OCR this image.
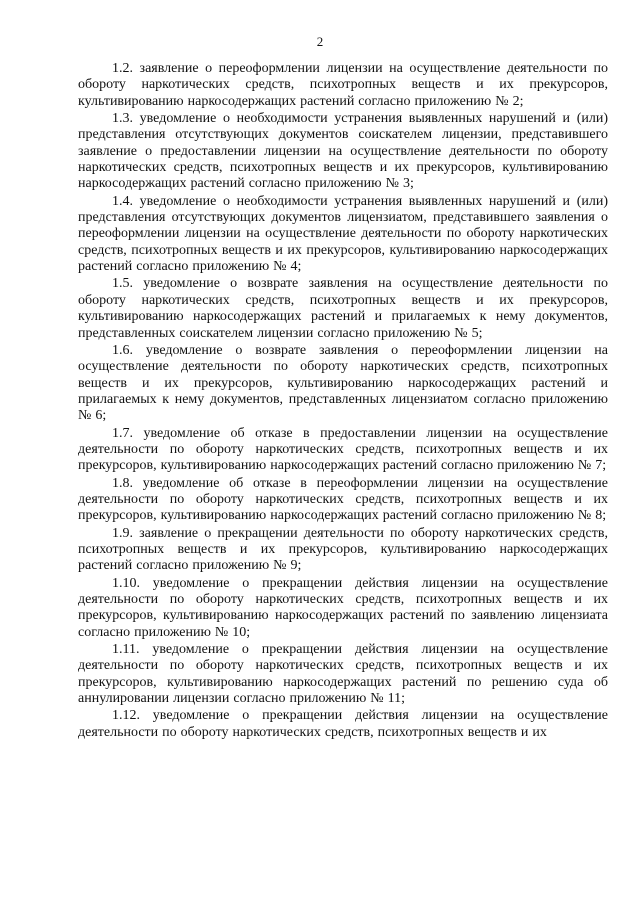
2

1.2. заявление о переоформлении лицензии на осуществление деятельности по обороту наркотических средств, психотропных веществ и их прекурсоров, культивированию наркосодержащих растений согласно приложению № 2;

1.3. уведомление о необходимости устранения выявленных нарушений и (или) представления отсутствующих документов соискателем лицензии, представившего заявление о предоставлении лицензии на осуществление деятельности по обороту наркотических средств, психотропных веществ и их прекурсоров, культивированию наркосодержащих растений согласно приложению № 3;

1.4. уведомление о необходимости устранения выявленных нарушений и (или) представления отсутствующих документов лицензиатом, представившего заявления о переоформлении лицензии на осуществление деятельности по обороту наркотических средств, психотропных веществ и их прекурсоров, культивированию наркосодержащих растений согласно приложению № 4;

1.5. уведомление о возврате заявления на осуществление деятельности по обороту наркотических средств, психотропных веществ и их прекурсоров, культивированию наркосодержащих растений и прилагаемых к нему документов, представленных соискателем лицензии согласно приложению № 5;

1.6. уведомление о возврате заявления о переоформлении лицензии на осуществление деятельности по обороту наркотических средств, психотропных веществ и их прекурсоров, культивированию наркосодержащих растений и прилагаемых к нему документов, представленных лицензиатом согласно приложению № 6;

1.7. уведомление об отказе в предоставлении лицензии на осуществление деятельности по обороту наркотических средств, психотропных веществ и их прекурсоров, культивированию наркосодержащих растений согласно приложению № 7;

1.8. уведомление об отказе в переоформлении лицензии на осуществление деятельности по обороту наркотических средств, психотропных веществ и их прекурсоров, культивированию наркосодержащих растений согласно приложению № 8;

1.9. заявление о прекращении деятельности по обороту наркотических средств, психотропных веществ и их прекурсоров, культивированию наркосодержащих растений согласно приложению № 9;

1.10. уведомление о прекращении действия лицензии на осуществление деятельности по обороту наркотических средств, психотропных веществ и их прекурсоров, культивированию наркосодержащих растений по заявлению лицензиата согласно приложению № 10;

1.11. уведомление о прекращении действия лицензии на осуществление деятельности по обороту наркотических средств, психотропных веществ и их прекурсоров, культивированию наркосодержащих растений по решению суда об аннулировании лицензии согласно приложению № 11;

1.12. уведомление о прекращении действия лицензии на осуществление деятельности по обороту наркотических средств, психотропных веществ и их
